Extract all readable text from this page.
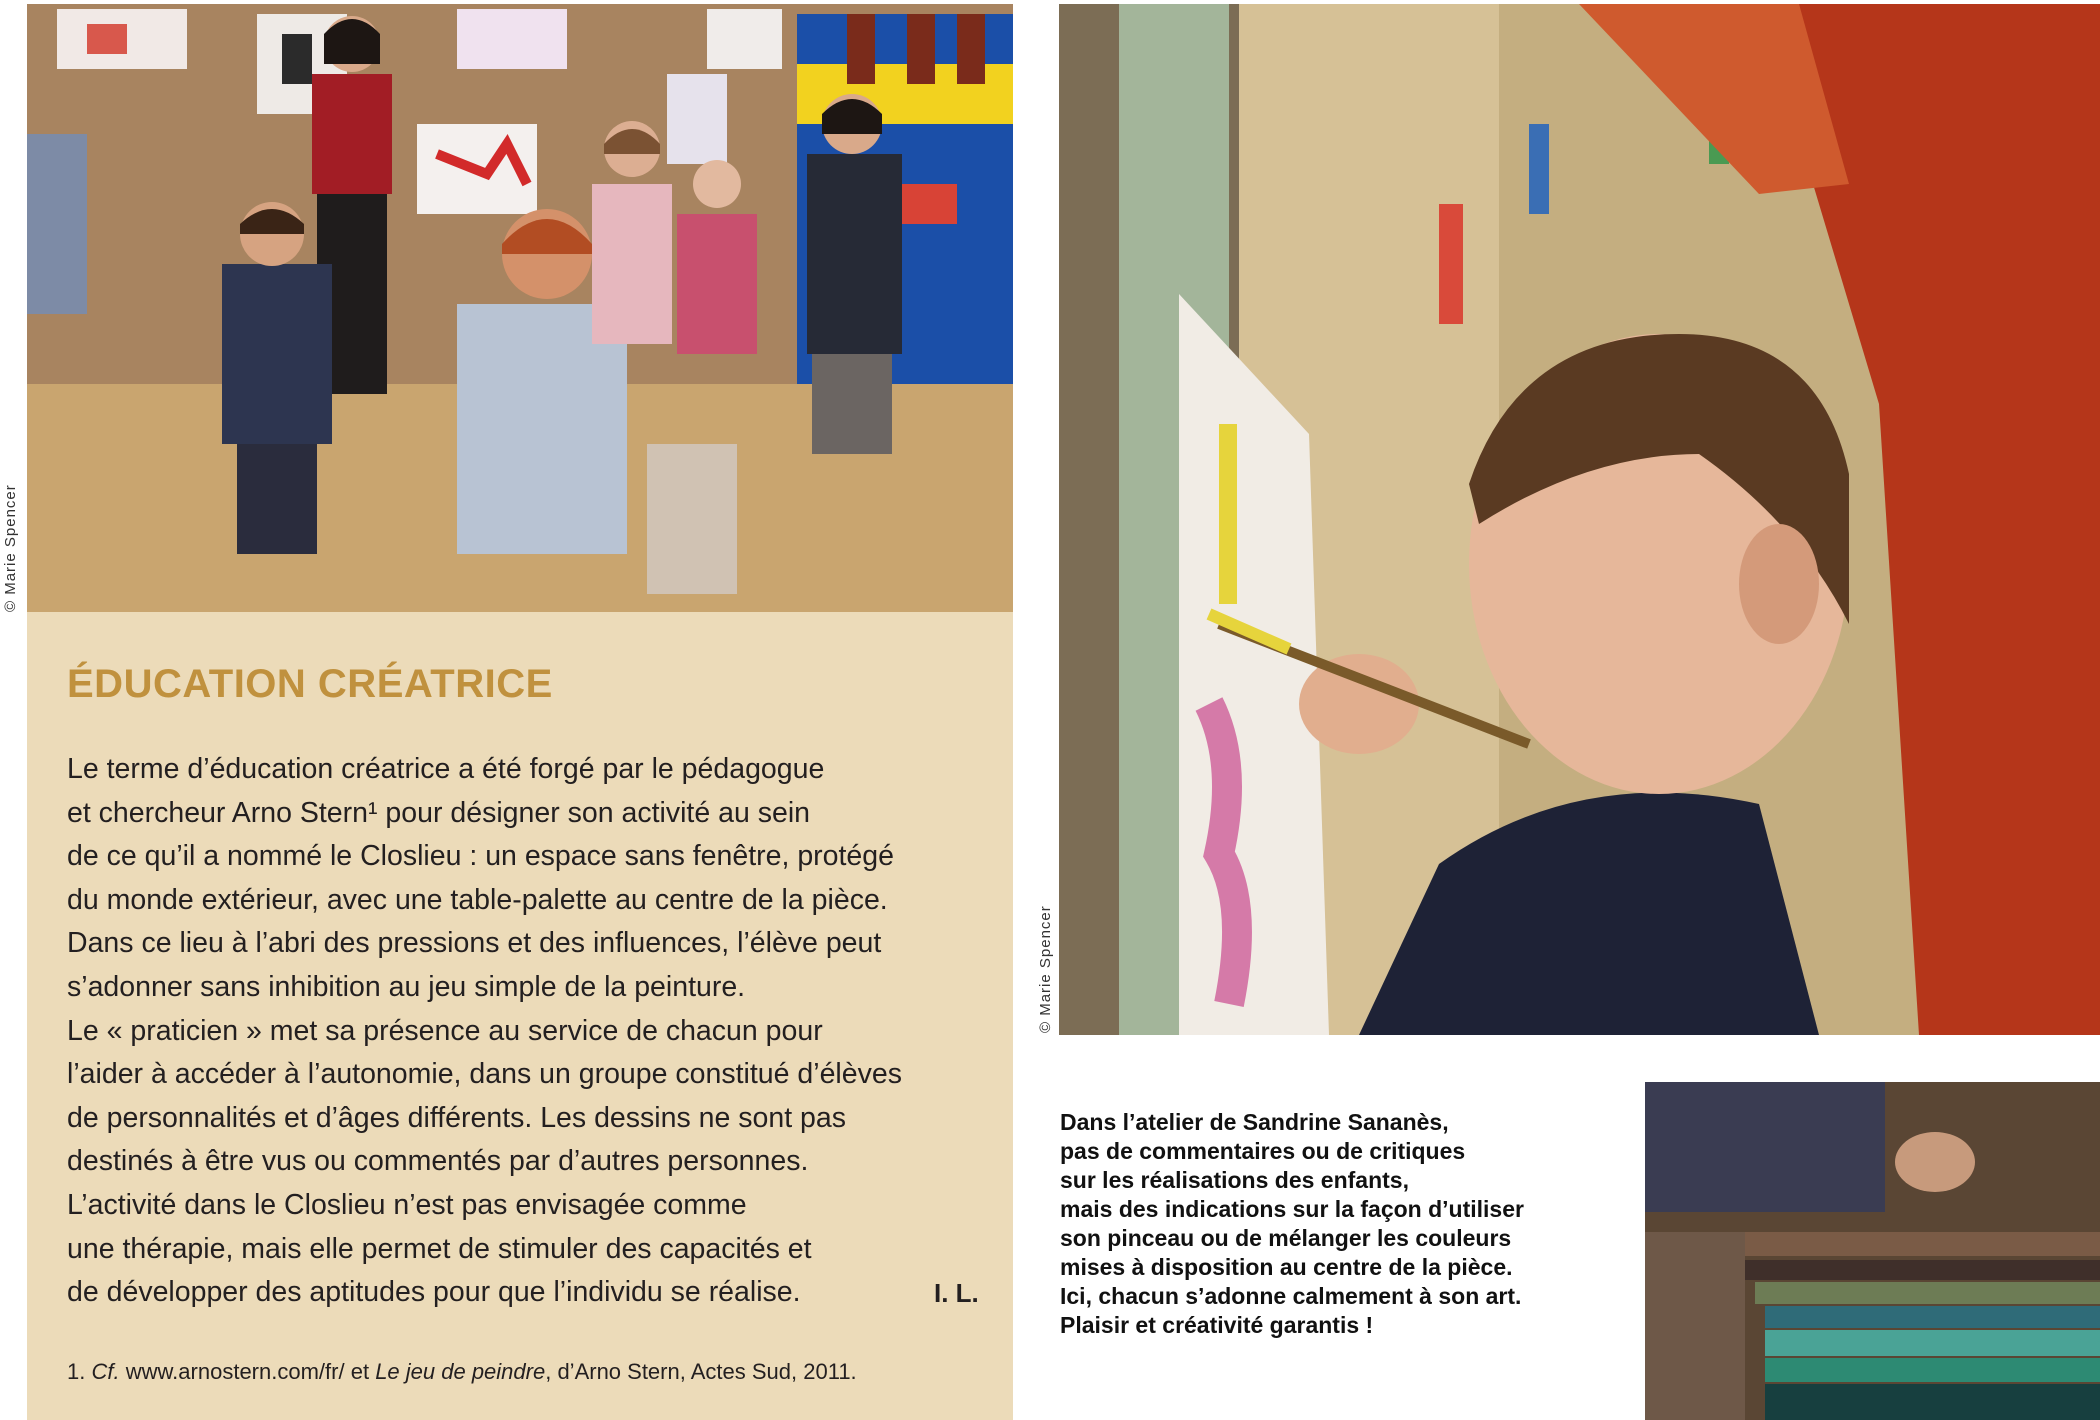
© Marie Spencer
ÉDUCATION CRÉATRICE
Le terme d’éducation créatrice a été forgé par le pédagogue
et chercheur Arno Stern¹ pour désigner son activité au sein
de ce qu’il a nommé le Closlieu : un espace sans fenêtre, protégé
du monde extérieur, avec une table-palette au centre de la pièce.
Dans ce lieu à l’abri des pressions et des influences, l’élève peut
s’adonner sans inhibition au jeu simple de la peinture.
Le « praticien » met sa présence au service de chacun pour
l’aider à accéder à l’autonomie, dans un groupe constitué d’élèves
de personnalités et d’âges différents. Les dessins ne sont pas
destinés à être vus ou commentés par d’autres personnes.
L’activité dans le Closlieu n’est pas envisagée comme
une thérapie, mais elle permet de stimuler des capacités et
de développer des aptitudes pour que l’individu se réalise.	I. L.
1. Cf. www.arnostern.com/fr/ et Le jeu de peindre, d’Arno Stern, Actes Sud, 2011.
© Marie Spencer
Dans l’atelier de Sandrine Sananès,
pas de commentaires ou de critiques
sur les réalisations des enfants,
mais des indications sur la façon d’utiliser
son pinceau ou de mélanger les couleurs
mises à disposition au centre de la pièce.
Ici, chacun s’adonne calmement à son art.
Plaisir et créativité garantis !
